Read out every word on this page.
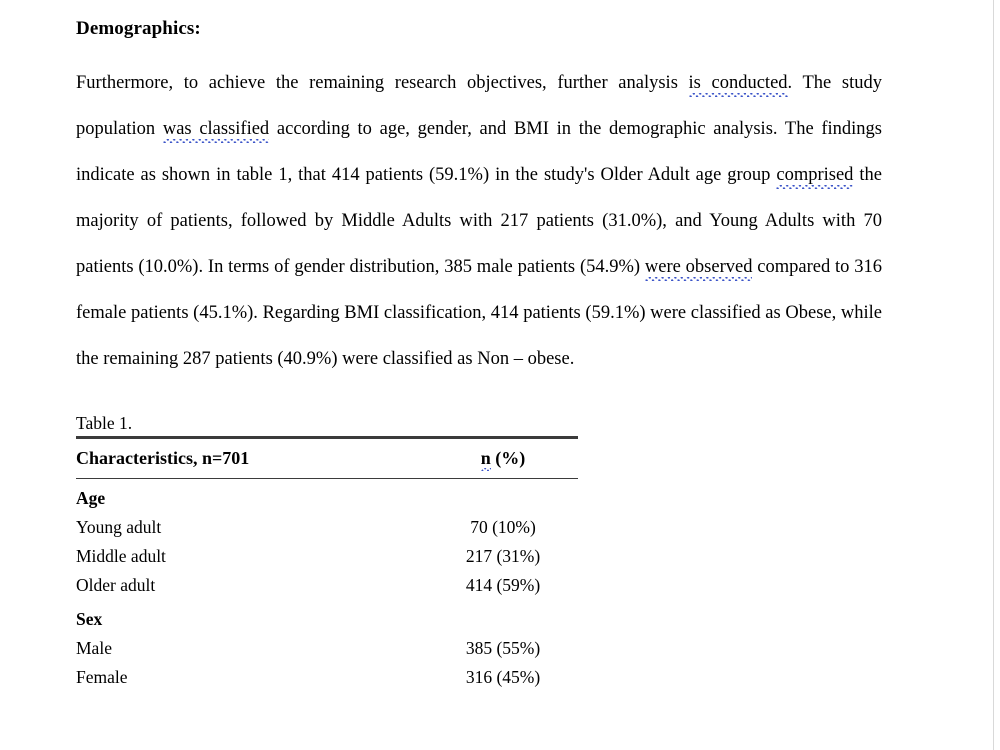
Demographics:

Furthermore, to achieve the remaining research objectives, further analysis is conducted. The study population was classified according to age, gender, and BMI in the demographic analysis. The findings indicate as shown in table 1, that 414 patients (59.1%) in the study's Older Adult age group comprised the majority of patients, followed by Middle Adults with 217 patients (31.0%), and Young Adults with 70 patients (10.0%). In terms of gender distribution, 385 male patients (54.9%) were observed compared to 316 female patients (45.1%). Regarding BMI classification, 414 patients (59.1%) were classified as Obese, while the remaining 287 patients (40.9%) were classified as Non – obese.

Table 1.
Characteristics, n=701	n (%)
Age	
Young adult	70 (10%)
Middle adult	217 (31%)
Older adult	414 (59%)
Sex	
Male	385 (55%)
Female	316 (45%)
